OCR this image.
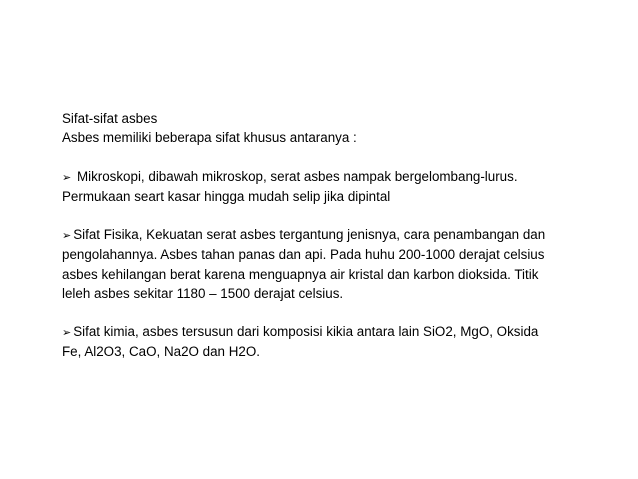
Sifat-sifat asbes
Asbes memiliki beberapa sifat khusus antaranya :
➢ Mikroskopi, dibawah mikroskop, serat asbes nampak bergelombang-lurus.
Permukaan seart kasar hingga mudah selip jika dipintal
➢ Sifat Fisika, Kekuatan serat asbes tergantung jenisnya, cara penambangan dan
pengolahannya. Asbes tahan panas dan api. Pada huhu 200-1000 derajat celsius
asbes kehilangan berat karena menguapnya air kristal dan karbon dioksida. Titik
leleh asbes sekitar 1180 – 1500 derajat celsius.
➢ Sifat kimia, asbes tersusun dari komposisi kikia antara lain SiO2, MgO, Oksida
Fe, Al2O3, CaO, Na2O dan H2O.
